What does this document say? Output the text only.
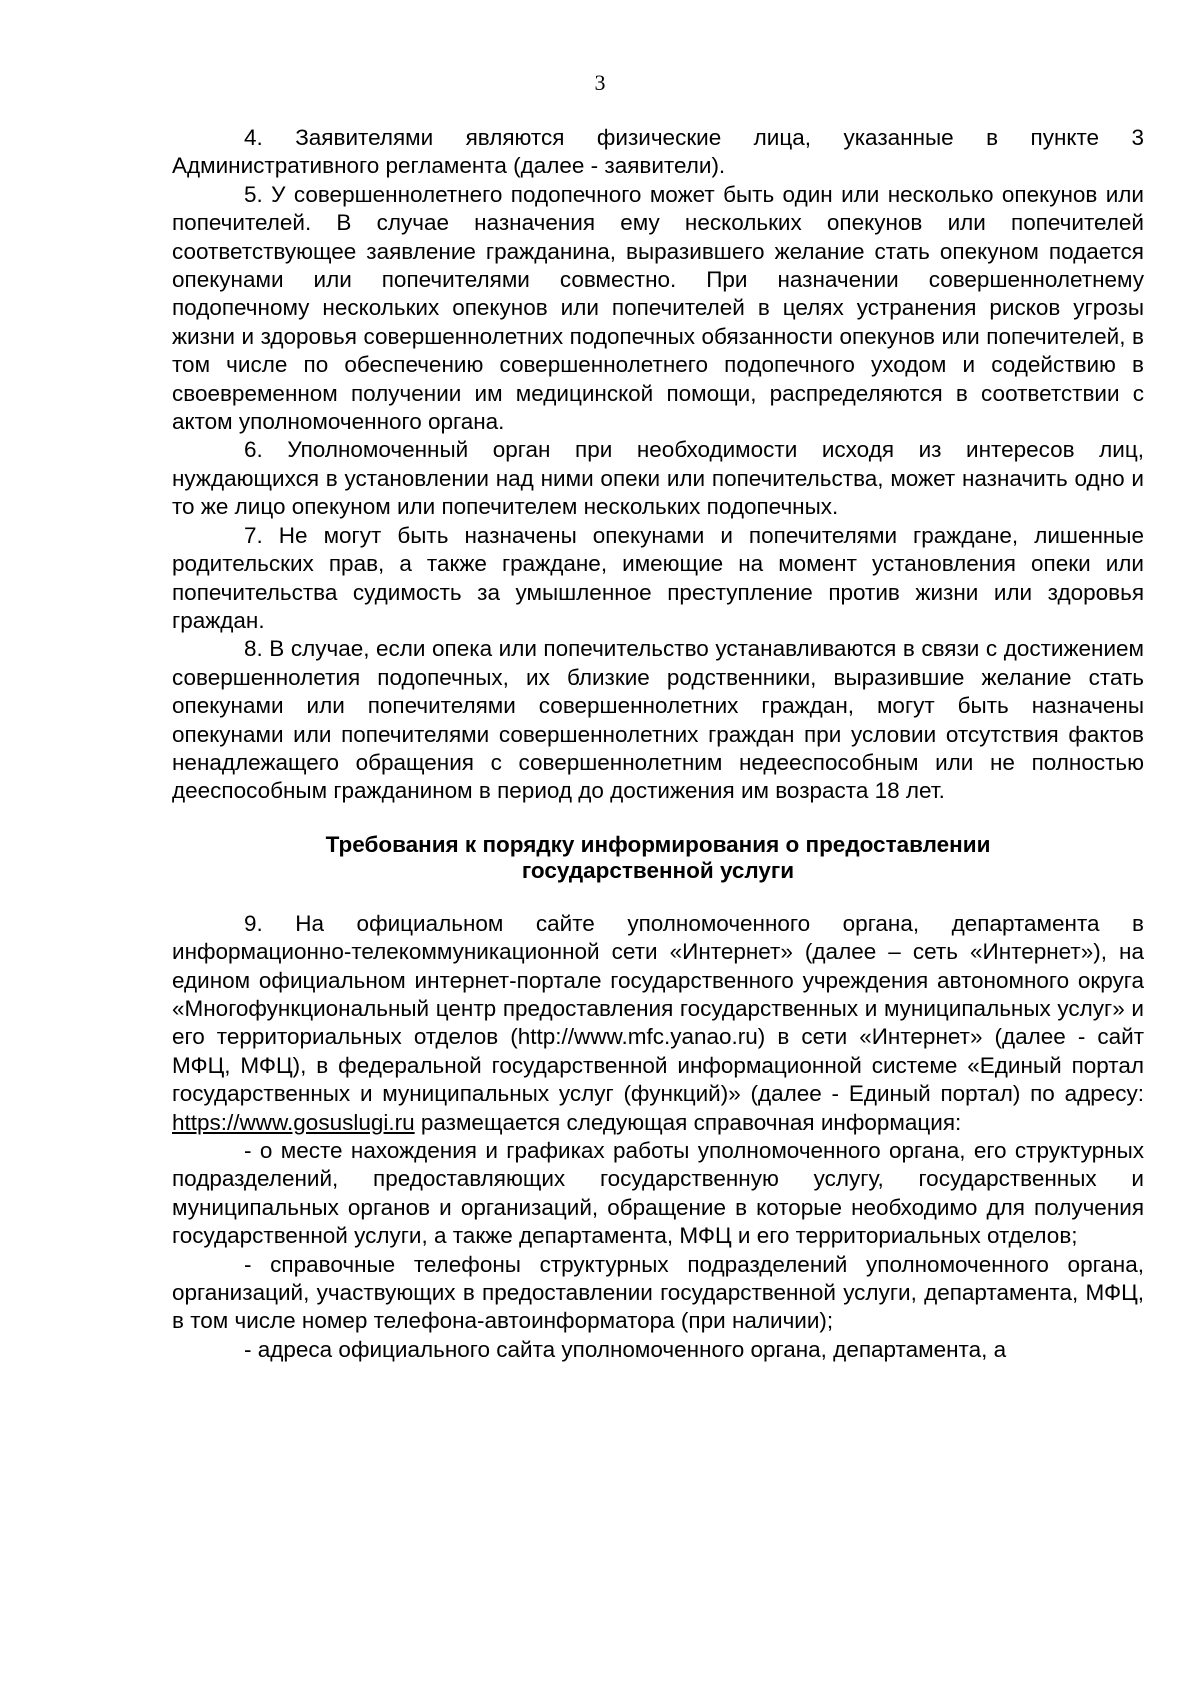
3

4. Заявителями являются физические лица, указанные в пункте 3 Административного регламента (далее - заявители).

5. У совершеннолетнего подопечного может быть один или несколько опекунов или попечителей. В случае назначения ему нескольких опекунов или попечителей соответствующее заявление гражданина, выразившего желание стать опекуном подается опекунами или попечителями совместно. При назначении совершеннолетнему подопечному нескольких опекунов или попечителей в целях устранения рисков угрозы жизни и здоровья совершеннолетних подопечных обязанности опекунов или попечителей, в том числе по обеспечению совершеннолетнего подопечного уходом и содействию в своевременном получении им медицинской помощи, распределяются в соответствии с актом уполномоченного органа.

6. Уполномоченный орган при необходимости исходя из интересов лиц, нуждающихся в установлении над ними опеки или попечительства, может назначить одно и то же лицо опекуном или попечителем нескольких подопечных.

7. Не могут быть назначены опекунами и попечителями граждане, лишенные родительских прав, а также граждане, имеющие на момент установления опеки или попечительства судимость за умышленное преступление против жизни или здоровья граждан.

8. В случае, если опека или попечительство устанавливаются в связи с достижением совершеннолетия подопечных, их близкие родственники, выразившие желание стать опекунами или попечителями совершеннолетних граждан, могут быть назначены опекунами или попечителями совершеннолетних граждан при условии отсутствия фактов ненадлежащего обращения с совершеннолетним недееспособным или не полностью дееспособным гражданином в период до достижения им возраста 18 лет.

Требования к порядку информирования о предоставлении
государственной услуги

9. На официальном сайте уполномоченного органа, департамента в информационно-телекоммуникационной сети «Интернет» (далее – сеть «Интернет»), на едином официальном интернет-портале государственного учреждения автономного округа «Многофункциональный центр предоставления государственных и муниципальных услуг» и его территориальных отделов (http://www.mfc.yanao.ru) в сети «Интернет» (далее - сайт МФЦ, МФЦ), в федеральной государственной информационной системе «Единый портал государственных и муниципальных услуг (функций)» (далее - Единый портал) по адресу: https://www.gosuslugi.ru размещается следующая справочная информация:

- о месте нахождения и графиках работы уполномоченного органа, его структурных подразделений, предоставляющих государственную услугу, государственных и муниципальных органов и организаций, обращение в которые необходимо для получения государственной услуги, а также департамента, МФЦ и его территориальных отделов;

- справочные телефоны структурных подразделений уполномоченного органа, организаций, участвующих в предоставлении государственной услуги, департамента, МФЦ, в том числе номер телефона-автоинформатора (при наличии);

- адреса официального сайта уполномоченного органа, департамента, а
